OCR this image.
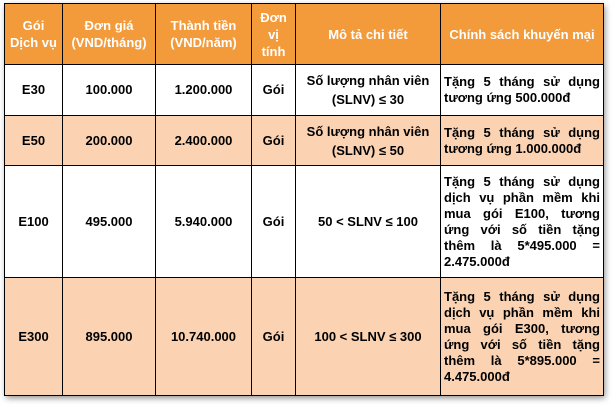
Gói Dịch vụ	Đơn giá (VND/tháng)	Thành tiền (VND/năm)	Đơn vị tính	Mô tả chi tiết	Chính sách khuyến mại
E30	100.000	1.200.000	Gói	Số lượng nhân viên (SLNV) ≤ 30	Tặng 5 tháng sử dụng tương ứng 500.000đ
E50	200.000	2.400.000	Gói	Số lượng nhân viên (SLNV) ≤ 50	Tặng 5 tháng sử dụng tương ứng 1.000.000đ
E100	495.000	5.940.000	Gói	50 < SLNV ≤ 100	Tặng 5 tháng sử dụng dịch vụ phần mềm khi mua gói E100, tương ứng với số tiền tặng thêm là 5*495.000 = 2.475.000đ
E300	895.000	10.740.000	Gói	100 < SLNV ≤ 300	Tặng 5 tháng sử dụng dịch vụ phần mềm khi mua gói E300, tương ứng với số tiền tặng thêm là 5*895.000 = 4.475.000đ
